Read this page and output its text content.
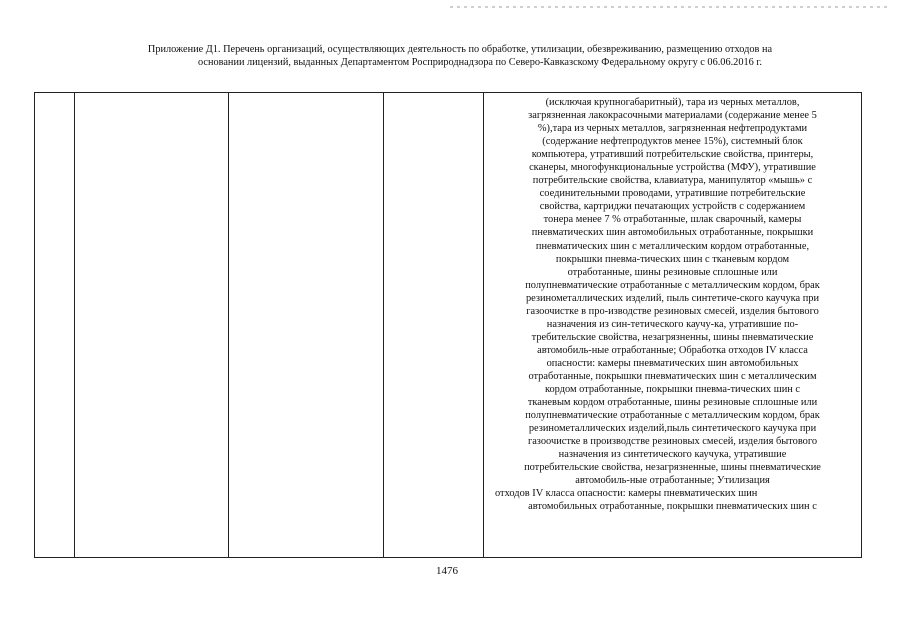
Приложение Д1. Перечень организаций, осуществляющих деятельность по обработке, утилизации, обезвреживанию, размещению отходов на
основании лицензий, выданных Департаментом Росприроднадзора по Северо-Кавказскому Федеральному округу с 06.06.2016 г.

(исключая крупногабаритный), тара из черных металлов,
загрязненная лакокрасочными материалами (содержание менее 5
%),тара из черных металлов, загрязненная нефтепродуктами
(содержание нефтепродуктов менее 15%), системный блок
компьютера, утративший потребительские свойства, принтеры,
сканеры, многофункциональные устройства (МФУ), утратившие
потребительские свойства, клавиатура, манипулятор «мышь» с
соединительными проводами, утратившие потребительские
свойства, картриджи печатающих устройств с содержанием
тонера менее 7 % отработанные, шлак сварочный, камеры
пневматических шин автомобильных отработанные, покрышки
пневматических шин с металлическим кордом отработанные,
покрышки пневма-тических шин с тканевым кордом
отработанные, шины резиновые сплошные или
полупневматические отработанные с металлическим кордом, брак
резинометаллических изделий, пыль синтетиче-ского каучука при
газоочистке в про-изводстве резиновых смесей, изделия бытового
назначения из син-тетического каучу-ка, утратившие по-
требительские свойства, незагрязненны, шины пневматические
автомобиль-ные отработанные; Обработка отходов IV класса
опасности: камеры пневматических шин автомобильных
отработанные, покрышки пневматических шин с металлическим
кордом отработанные, покрышки пневма-тических шин с
тканевым кордом отработанные, шины резиновые сплошные или
полупневматические отработанные с металлическим кордом, брак
резинометаллических изделий,пыль синтетического каучука при
газоочистке в производстве резиновых смесей, изделия бытового
назначения из синтетического каучука, утратившие
потребительские свойства, незагрязненные, шины пневматические
автомобиль-ные отработанные; Утилизация
отходов IV класса опасности: камеры пневматических шин
автомобильных отработанные, покрышки пневматических шин с
1476
